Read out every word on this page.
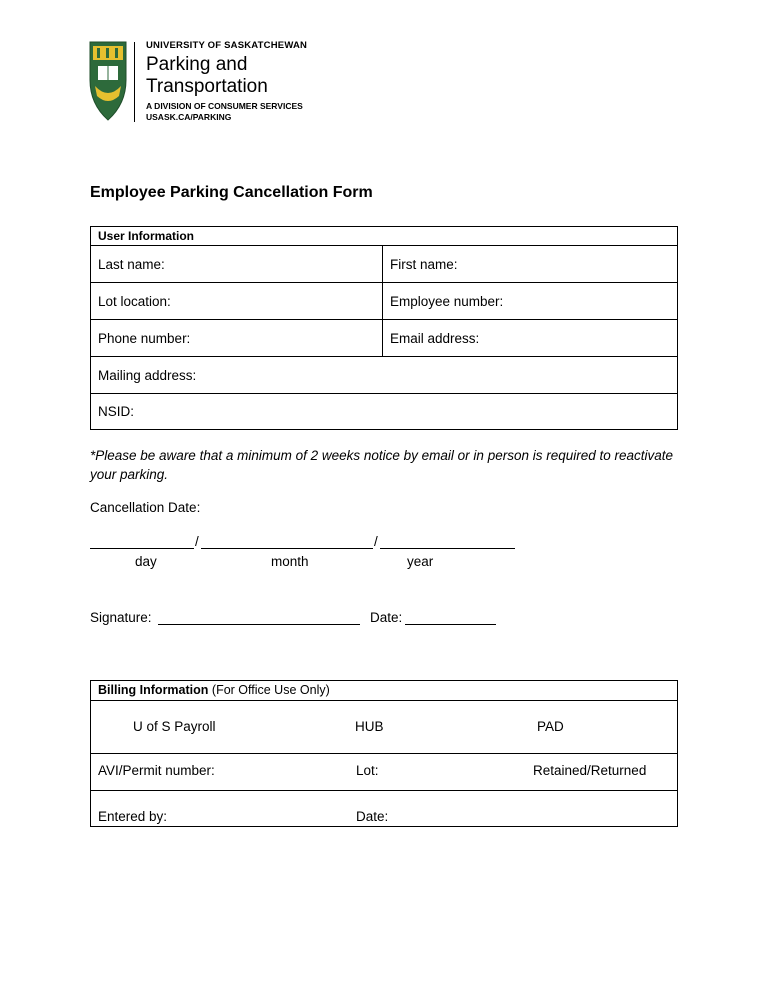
UNIVERSITY OF SASKATCHEWAN
Parking and
Transportation
A DIVISION OF CONSUMER SERVICES
USASK.CA/PARKING
Employee Parking Cancellation Form
User Information
Last name:	First name:
Lot location:	Employee number:
Phone number:	Email address:
Mailing address:
NSID:
*Please be aware that a minimum of 2 weeks notice by email or in person is required to reactivate your parking.
Cancellation Date:
/	/
day	month	year
Signature:	Date:
Billing Information (For Office Use Only)
U of S Payroll	HUB	PAD
AVI/Permit number:	Lot:	Retained/Returned
Entered by:	Date:
